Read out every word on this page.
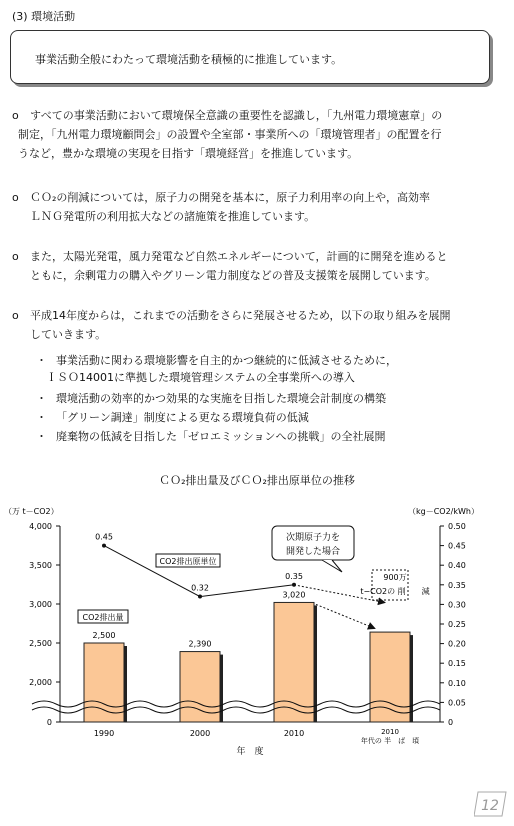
(3) 環境活動
事業活動全般にわたって環境活動を積極的に推進しています。
o	すべての事業活動において環境保全意識の重要性を認識し，「九州電力環境憲章」の
制定，「九州電力環境顧問会」の設置や全室部・事業所への「環境管理者」の配置を行
うなど，豊かな環境の実現を目指す「環境経営」を推進しています。
o	ＣＯ₂の削減については，原子力の開発を基本に，原子力利用率の向上や，高効率
ＬＮＧ発電所の利用拡大などの諸施策を推進しています。
o	また，太陽光発電，風力発電など自然エネルギーについて，計画的に開発を進めると
ともに，余剰電力の購入やグリーン電力制度などの普及支援策を展開しています。
o	平成14年度からは，これまでの活動をさらに発展させるため，以下の取り組みを展開
していきます。
・ 事業活動に関わる環境影響を自主的かつ継続的に低減させるために，
ＩＳＯ14001に準拠した環境管理システムの全事業所への導入
・ 環境活動の効率的かつ効果的な実施を目指した環境会計制度の構築
・ 「グリーン調達」制度による更なる環境負荷の低減
・ 廃棄物の低減を目指した「ゼロエミッションへの挑戦」の全社展開
ＣＯ₂排出量及びＣＯ₂排出原単位の推移
（万 t－CO2）	（kg－CO2/kWh）
0
2,000
2,500
3,000
3,500
4,000
0
0.05
0.10
0.15
0.20
0.25
0.30
0.35
0.40
0.45
0.50
2,500
2,390
3,020
0.45
0.32
0.35
CO2排出量
CO2排出原単位
次期原子力を
開発した場合
900万
t−CO2の 削　　減
1990	2000	2010	2010
年代の 半　ば　頃
年　度
12
